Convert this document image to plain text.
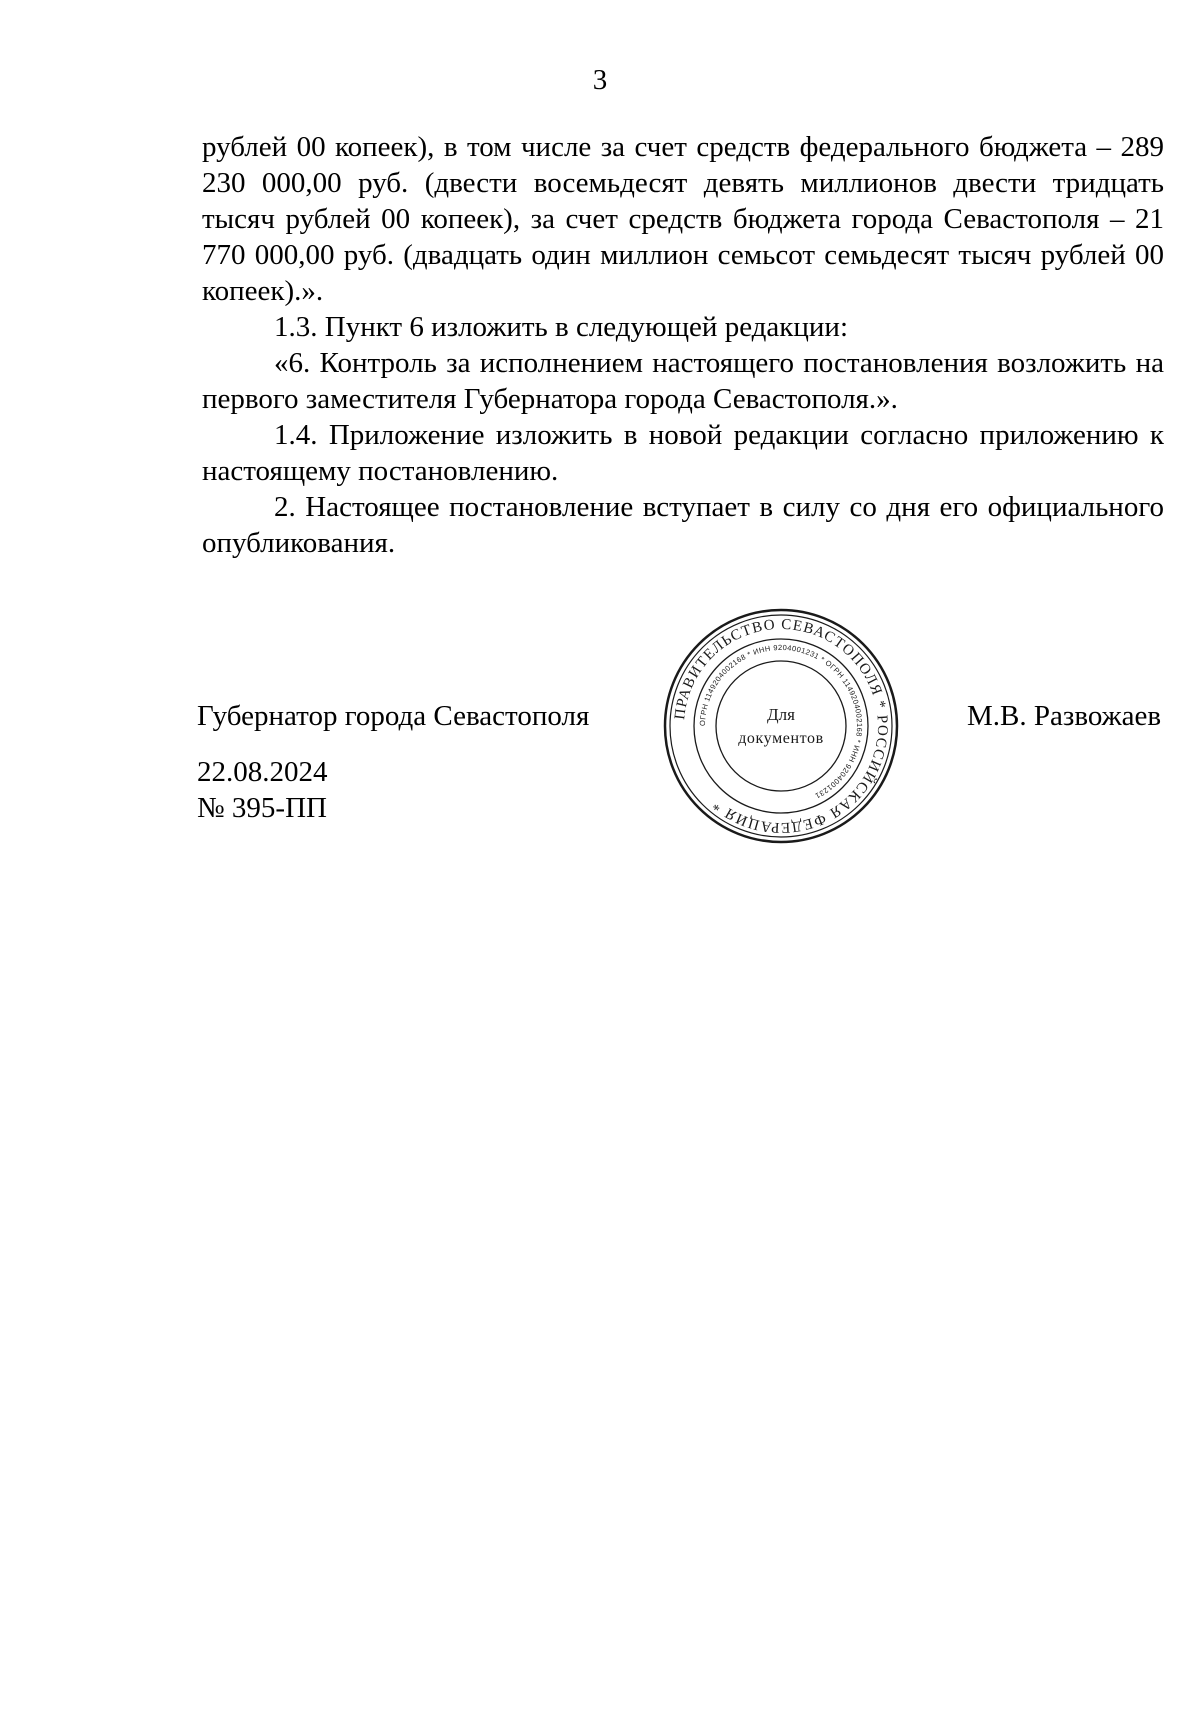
3

рублей 00 копеек), в том числе за счет средств федерального бюджета – 289 230 000,00 руб. (двести восемьдесят девять миллионов двести тридцать тысяч рублей 00 копеек), за счет средств бюджета города Севастополя – 21 770 000,00 руб. (двадцать один миллион семьсот семьдесят тысяч рублей 00 копеек).».

1.3. Пункт 6 изложить в следующей редакции:

«6. Контроль за исполнением настоящего постановления возложить на первого заместителя Губернатора города Севастополя.».

1.4. Приложение изложить в новой редакции согласно приложению к настоящему постановлению.

2. Настоящее постановление вступает в силу со дня его официального опубликования.

Губернатор города Севастополя	М.В. Развожаев
22.08.2024
№ 395-ПП
ПРАВИТЕЛЬСТВО СЕВАСТОПОЛЯ * РОССИЙСКАЯ ФЕДЕРАЦИЯ *
ОГРН 1149204002168 * ИНН 9204001231 * ОГРН 1149204002168 * ИНН 9204001231
Для
документов
